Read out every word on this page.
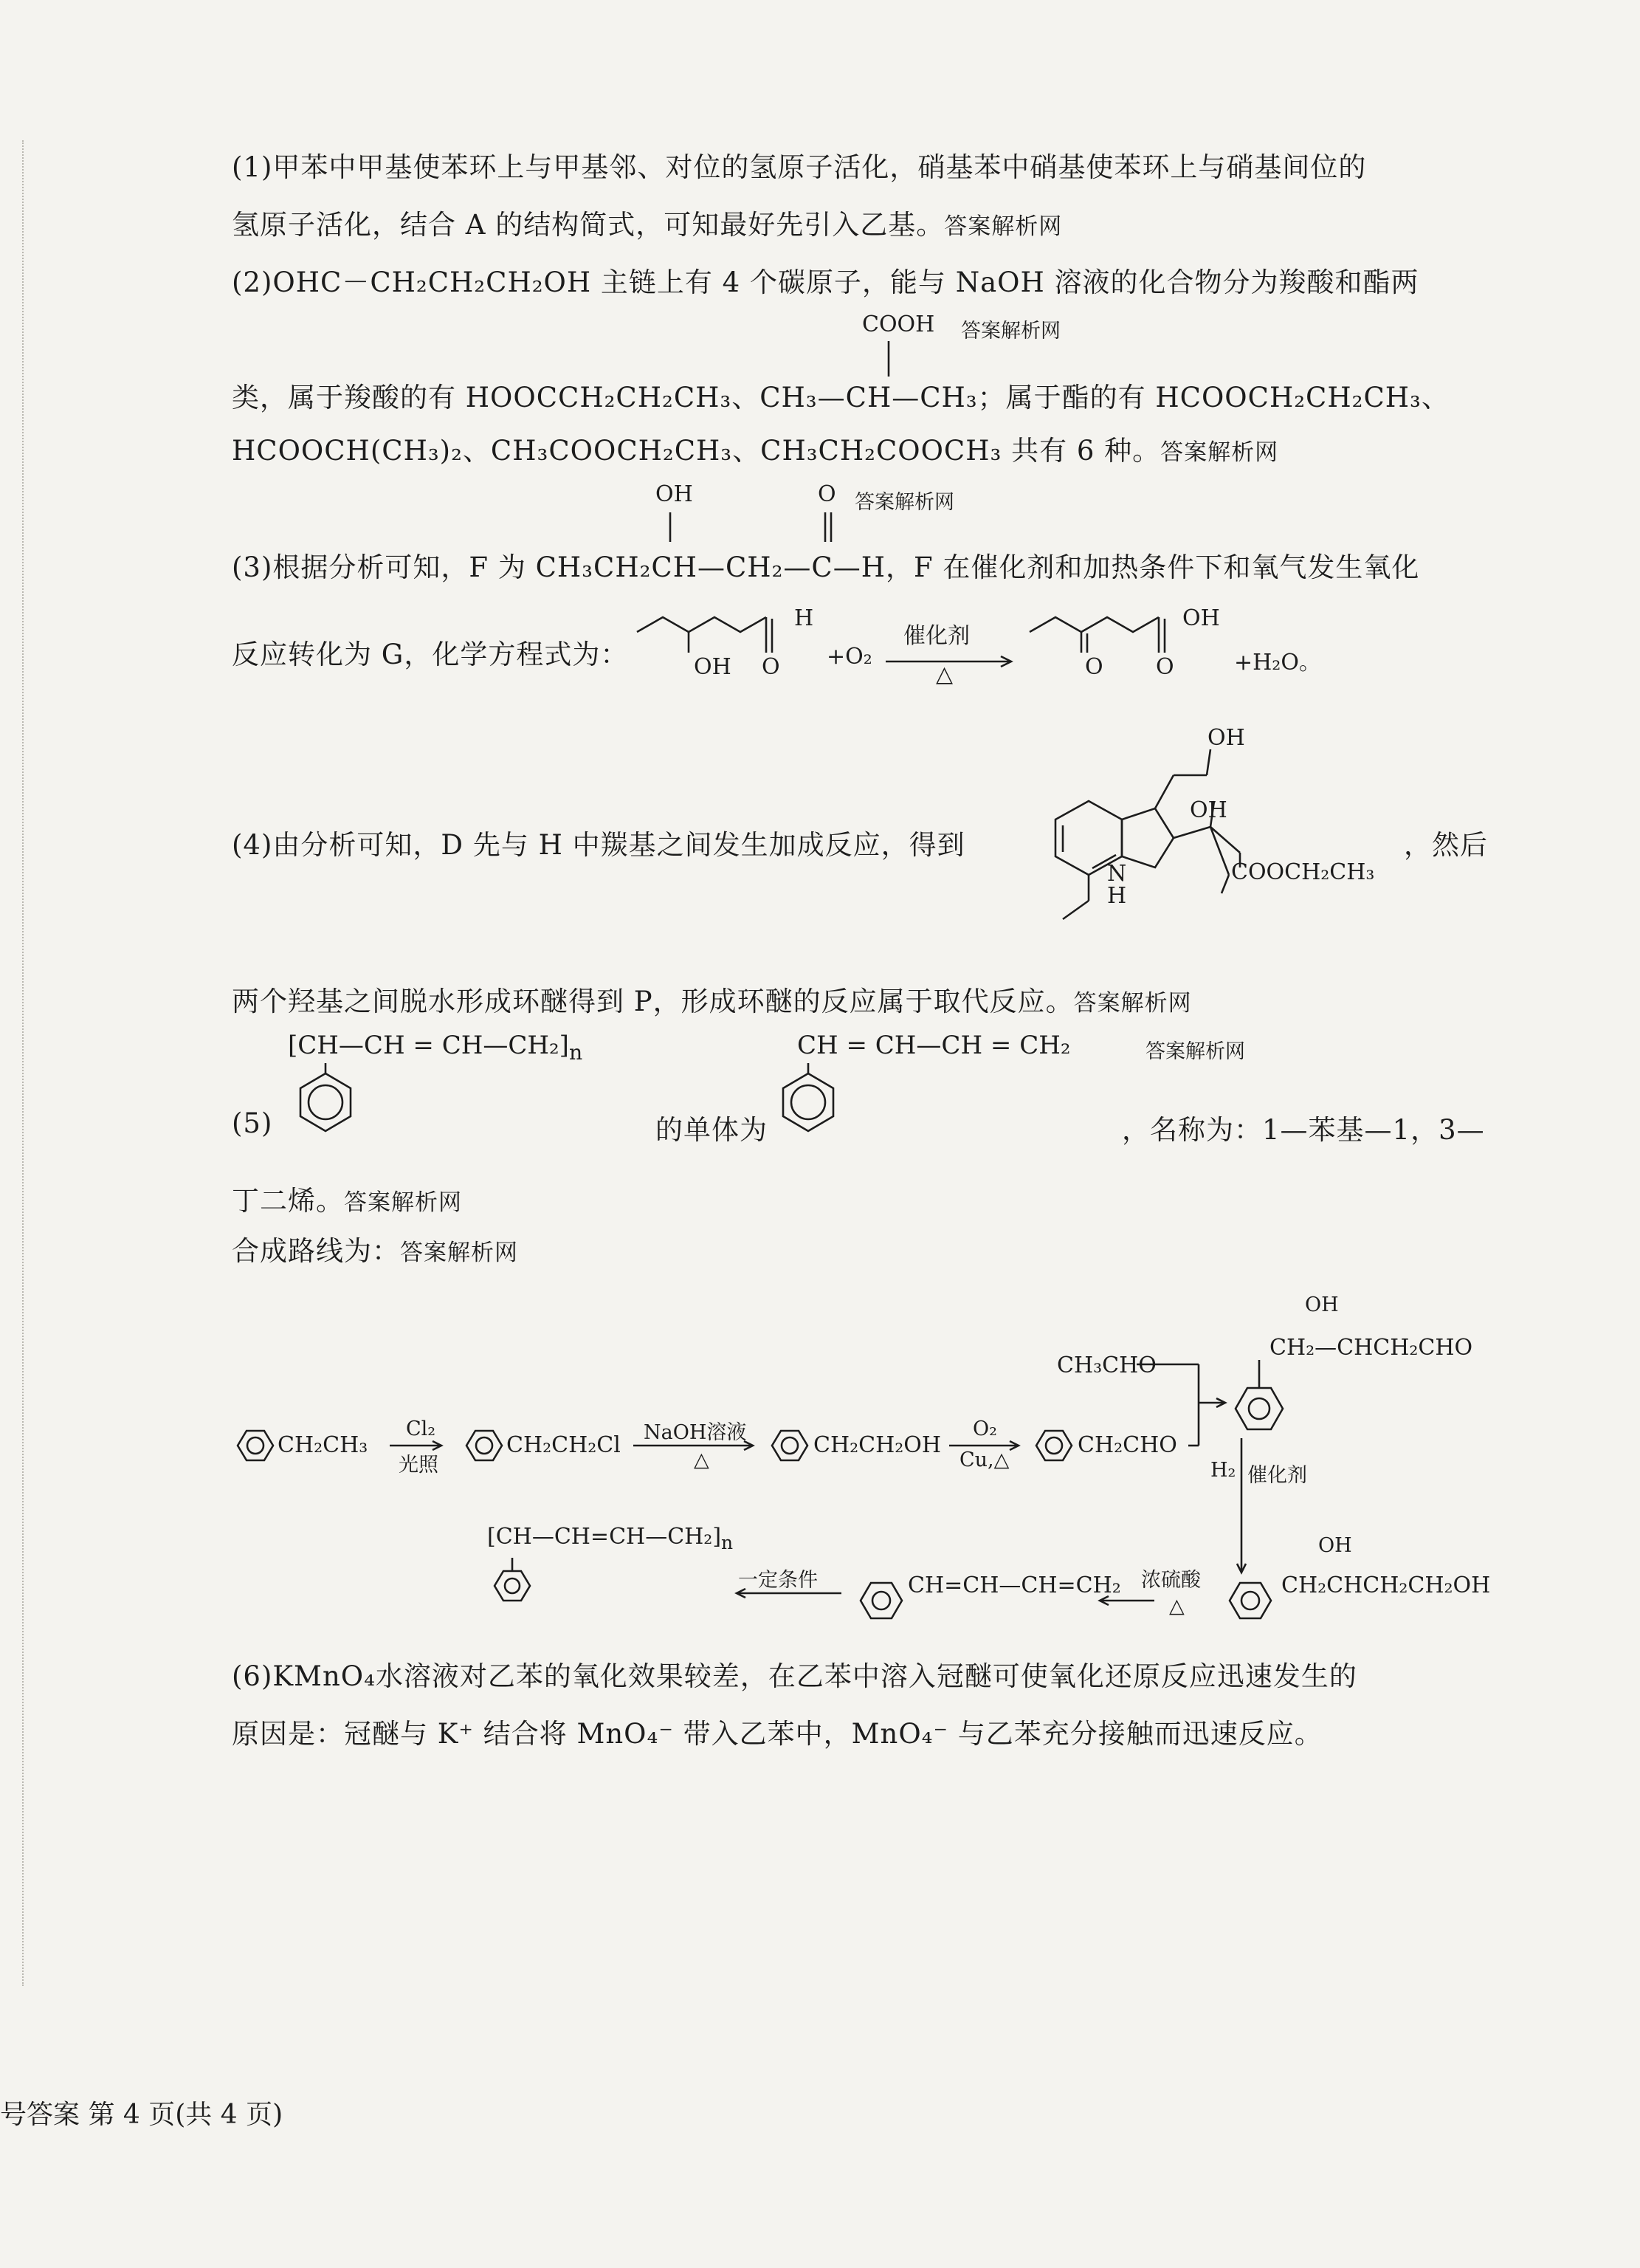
(1)甲苯中甲基使苯环上与甲基邻、对位的氢原子活化，硝基苯中硝基使苯环上与硝基间位的
氢原子活化，结合 A 的结构简式，可知最好先引入乙基。答案解析网
(2)OHC－CH₂CH₂CH₂OH 主链上有 4 个碳原子，能与 NaOH 溶液的化合物分为羧酸和酯两
COOH 答案解析网
类，属于羧酸的有 HOOCCH₂CH₂CH₃、CH₃—CH—CH₃；属于酯的有 HCOOCH₂CH₂CH₃、
HCOOCH(CH₃)₂、CH₃COOCH₂CH₃、CH₃CH₂COOCH₃ 共有 6 种。答案解析网
OH	O 答案解析网
(3)根据分析可知，F 为 CH₃CH₂CH—CH₂—C—H，F 在催化剂和加热条件下和氧气发生氧化
反应转化为 G，化学方程式为：
H
OH O +O₂
催化剂
△
OH
O O	+H₂O。
(4)由分析可知，D 先与 H 中羰基之间发生加成反应，得到	，然后
OH
OH
COOCH₂CH₃
N
H
两个羟基之间脱水形成环醚得到 P，形成环醚的反应属于取代反应。答案解析网
[CH—CH = $CH—CH_2]_n$	CH = CH—CH = CH₂	答案解析网
(5)	的单体为	，名称为：1—苯基—1，3—
丁二烯。答案解析网
合成路线为：答案解析网
CH₂CH₃
Cl₂
光照
CH₂CH₂Cl NaOH溶液
△
CH₂CH₂OH
O₂
Cu,△
CH₂CHO
CH₃CHO
OH
CH₂—CHCH₂CHO
H₂ 催化剂
OH
CH₂CHCH₂CH₂OH
浓硫酸
△
CH=CH—CH=CH₂
一定条件
$[CH—CH=CH—CH_2]_n$
(6)KMnO₄水溶液对乙苯的氧化效果较差，在乙苯中溶入冠醚可使氧化还原反应迅速发生的
原因是：冠醚与 K⁺ 结合将 MnO₄⁻ 带入乙苯中，MnO₄⁻ 与乙苯充分接触而迅速反应。
号答案 第 4 页(共 4 页)
